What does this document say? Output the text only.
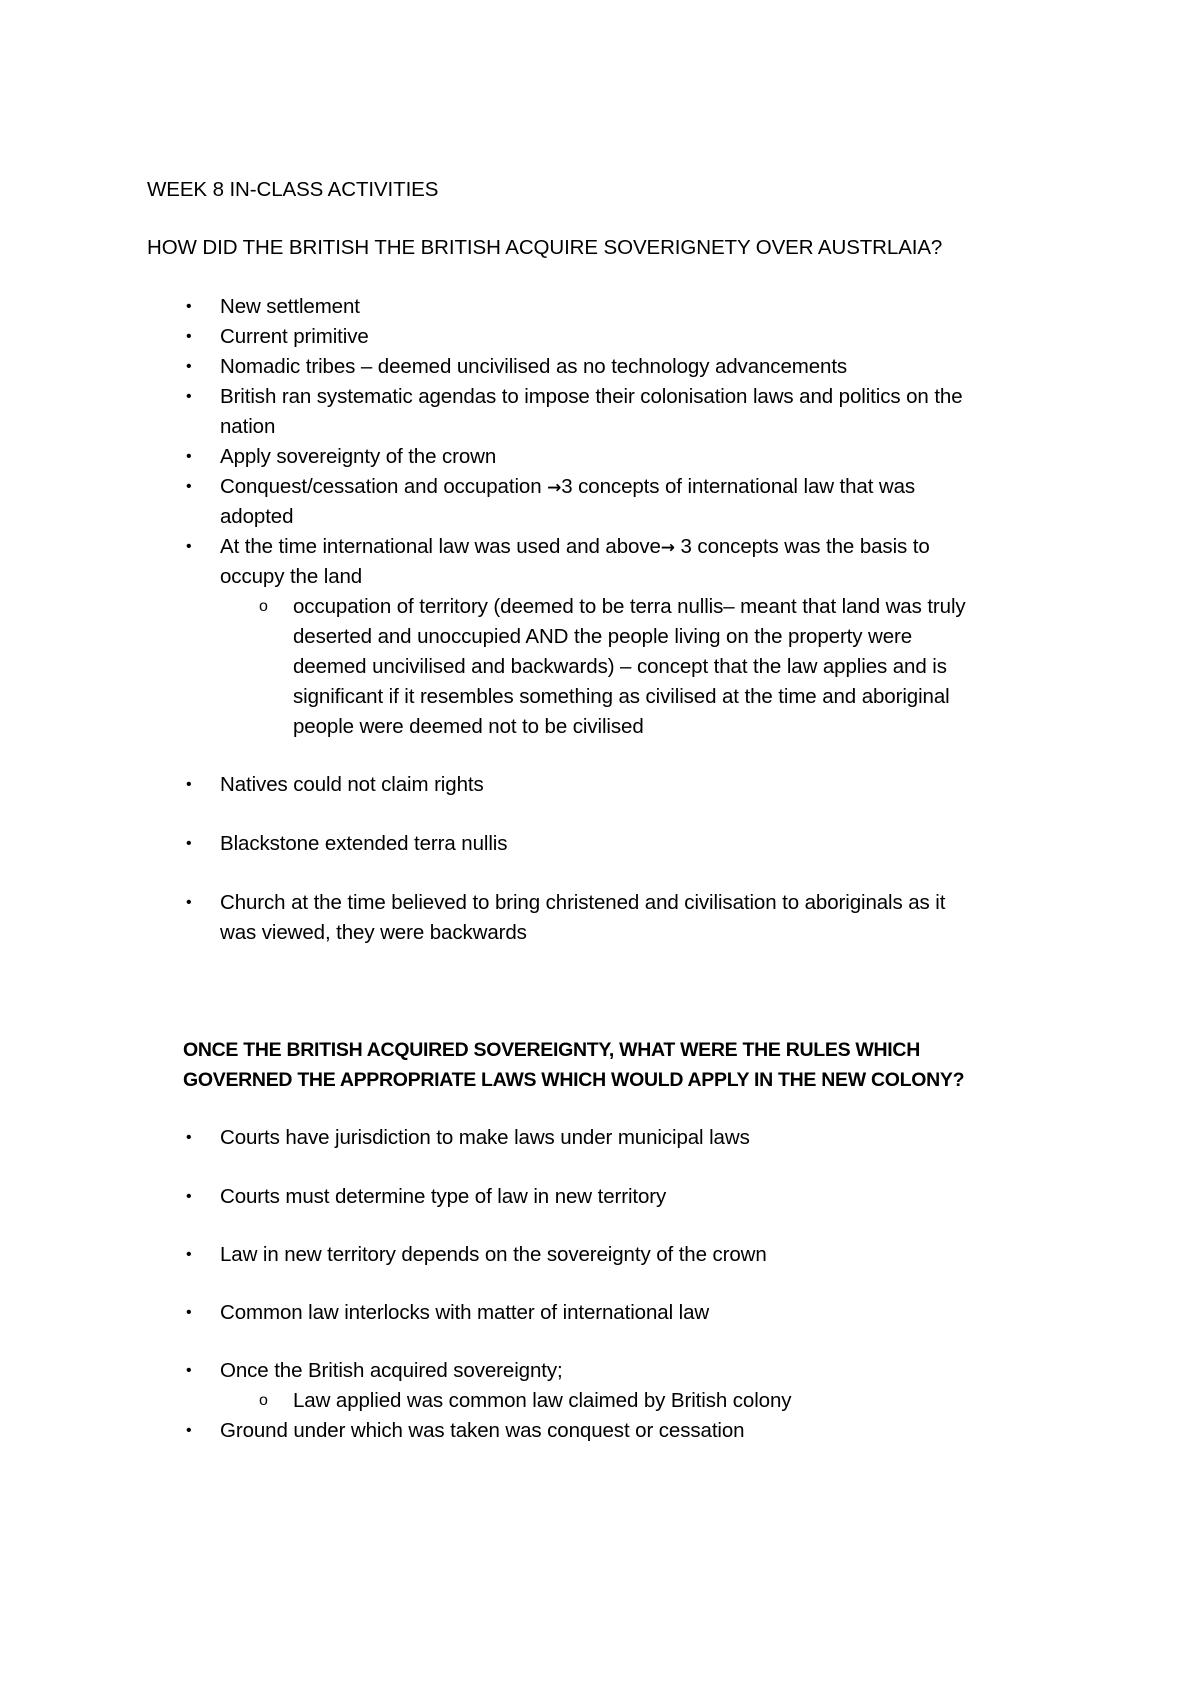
WEEK 8 IN-CLASS ACTIVITIES
HOW DID THE BRITISH THE BRITISH ACQUIRE SOVERIGNETY OVER AUSTRLAIA?
• New settlement
• Current primitive
• Nomadic tribes – deemed uncivilised as no technology advancements
• British ran systematic agendas to impose their colonisation laws and politics on the
nation
• Apply sovereignty of the crown
• Conquest/cessation and occupation →3 concepts of international law that was
adopted
• At the time international law was used and above→ 3 concepts was the basis to
occupy the land
o occupation of territory (deemed to be terra nullis– meant that land was truly
deserted and unoccupied AND the people living on the property were
deemed uncivilised and backwards) – concept that the law applies and is
significant if it resembles something as civilised at the time and aboriginal
people were deemed not to be civilised
• Natives could not claim rights
• Blackstone extended terra nullis
• Church at the time believed to bring christened and civilisation to aboriginals as it
was viewed, they were backwards
ONCE THE BRITISH ACQUIRED SOVEREIGNTY, WHAT WERE THE RULES WHICH
GOVERNED THE APPROPRIATE LAWS WHICH WOULD APPLY IN THE NEW COLONY?
• Courts have jurisdiction to make laws under municipal laws
• Courts must determine type of law in new territory
• Law in new territory depends on the sovereignty of the crown
• Common law interlocks with matter of international law
• Once the British acquired sovereignty;
o Law applied was common law claimed by British colony
• Ground under which was taken was conquest or cessation
